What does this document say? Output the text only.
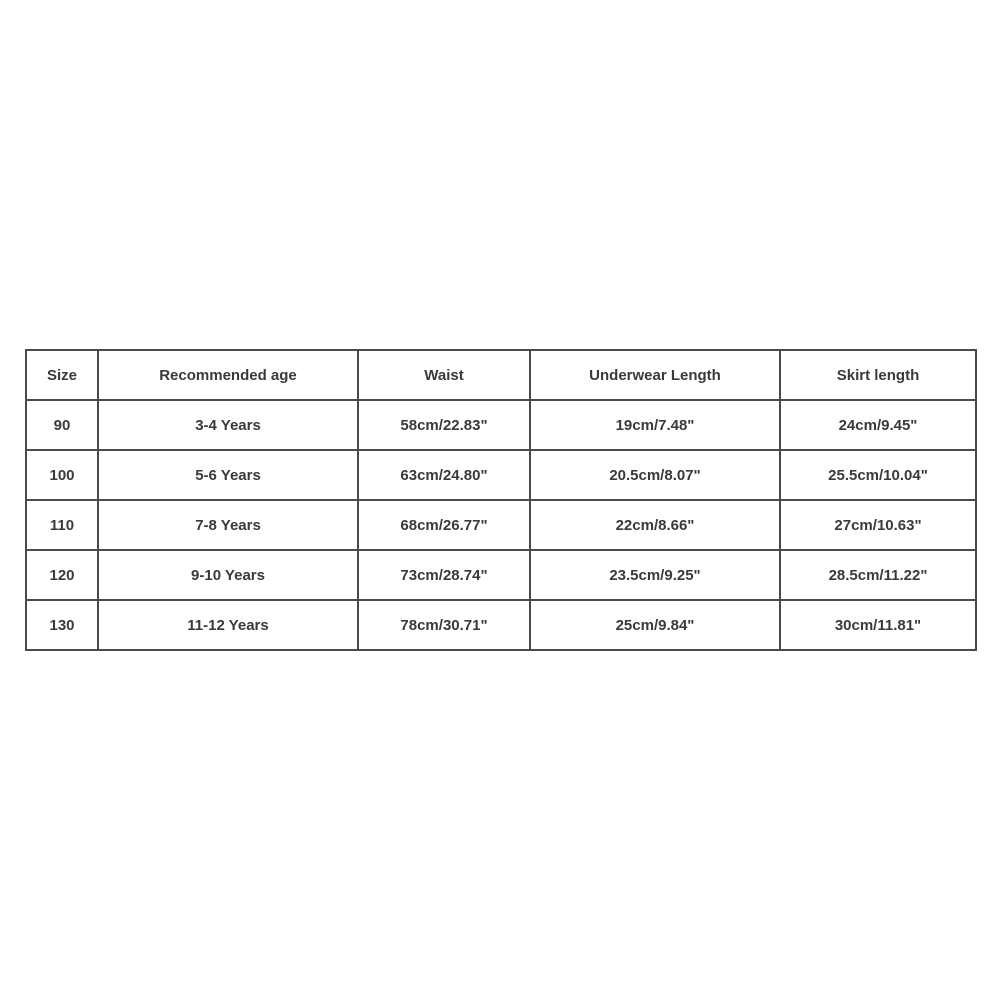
Size	Recommended age	Waist	Underwear Length	Skirt length
90	3-4 Years	58cm/22.83"	19cm/7.48"	24cm/9.45"
100	5-6 Years	63cm/24.80"	20.5cm/8.07"	25.5cm/10.04"
110	7-8 Years	68cm/26.77"	22cm/8.66"	27cm/10.63"
120	9-10 Years	73cm/28.74"	23.5cm/9.25"	28.5cm/11.22"
130	11-12 Years	78cm/30.71"	25cm/9.84"	30cm/11.81"
